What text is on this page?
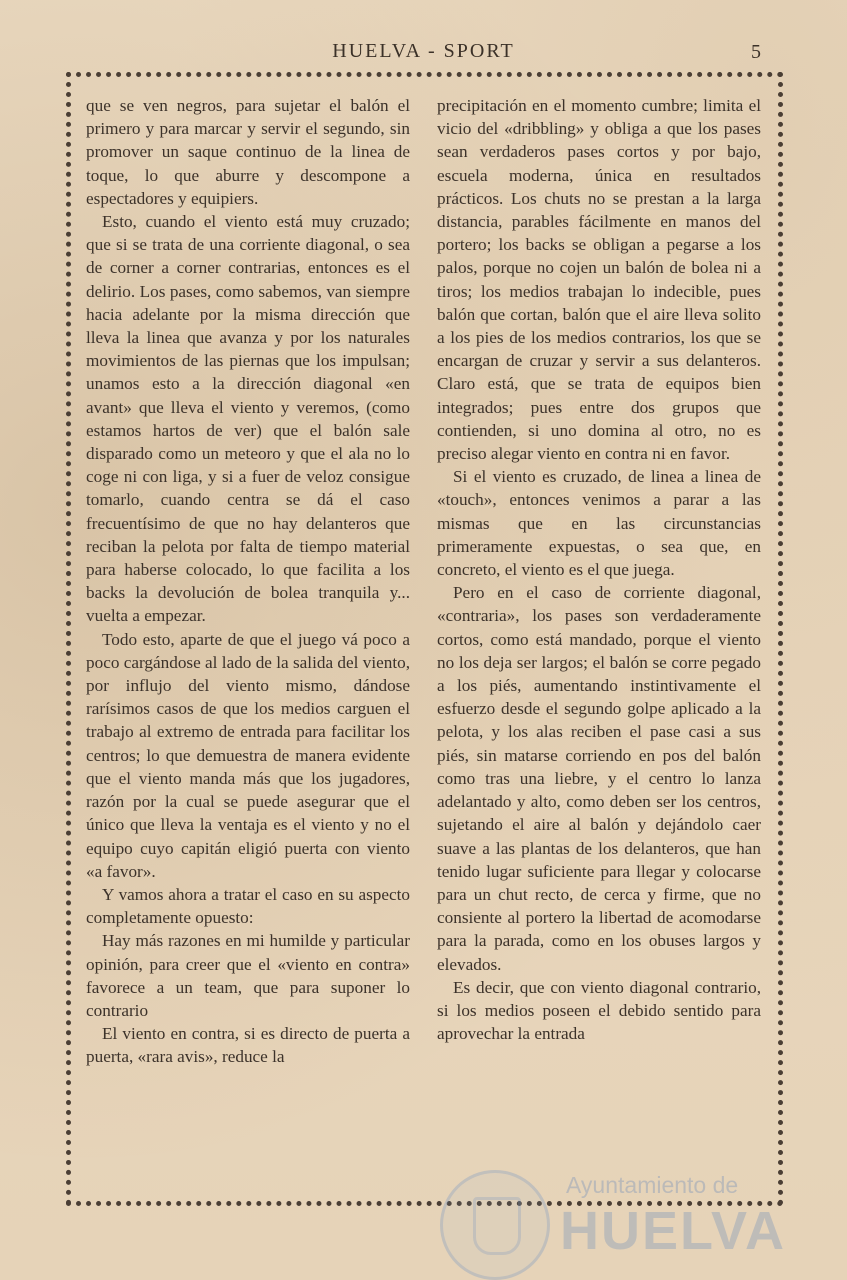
HUELVA - SPORT	5

que se ven negros, para sujetar el balón el primero y para marcar y servir el segundo, sin promover un saque continuo de la linea de toque, lo que aburre y descompone a espectadores y equipiers.

Esto, cuando el viento está muy cruzado; que si se trata de una corriente diagonal, o sea de corner a corner contrarias, entonces es el delirio. Los pases, como sabemos, van siempre hacia adelante por la misma dirección que lleva la linea que avanza y por los naturales movimientos de las piernas que los impulsan; unamos esto a la dirección diagonal «en avant» que lleva el viento y veremos, (como estamos hartos de ver) que el balón sale disparado como un meteoro y que el ala no lo coge ni con liga, y si a fuer de veloz consigue tomarlo, cuando centra se dá el caso frecuentísimo de que no hay delanteros que reciban la pelota por falta de tiempo material para haberse colocado, lo que facilita a los backs la devolución de bolea tranquila y... vuelta a empezar.

Todo esto, aparte de que el juego vá poco a poco cargándose al lado de la salida del viento, por influjo del viento mismo, dándose rarísimos casos de que los medios carguen el trabajo al extremo de entrada para facilitar los centros; lo que demuestra de manera evidente que el viento manda más que los jugadores, razón por la cual se puede asegurar que el único que lleva la ventaja es el viento y no el equipo cuyo capitán eligió puerta con viento «a favor».

Y vamos ahora a tratar el caso en su aspecto completamente opuesto:

Hay más razones en mi humilde y particular opinión, para creer que el «viento en contra» favorece a un team, que para suponer lo contrario

El viento en contra, si es directo de puerta a puerta, «rara avis», reduce la

precipitación en el momento cumbre; limita el vicio del «dribbling» y obliga a que los pases sean verdaderos pases cortos y por bajo, escuela moderna, única en resultados prácticos. Los chuts no se prestan a la larga distancia, parables fácilmente en manos del portero; los backs se obligan a pegarse a los palos, porque no cojen un balón de bolea ni a tiros; los medios trabajan lo indecible, pues balón que cortan, balón que el aire lleva solito a los pies de los medios contrarios, los que se encargan de cruzar y servir a sus delanteros. Claro está, que se trata de equipos bien integrados; pues entre dos grupos que contienden, si uno domina al otro, no es preciso alegar viento en contra ni en favor.

Si el viento es cruzado, de linea a linea de «touch», entonces venimos a parar a las mismas que en las circunstancias primeramente expuestas, o sea que, en concreto, el viento es el que juega.

Pero en el caso de corriente diagonal, «contraria», los pases son verdaderamente cortos, como está mandado, porque el viento no los deja ser largos; el balón se corre pegado a los piés, aumentando instintivamente el esfuerzo desde el segundo golpe aplicado a la pelota, y los alas reciben el pase casi a sus piés, sin matarse corriendo en pos del balón como tras una liebre, y el centro lo lanza adelantado y alto, como deben ser los centros, sujetando el aire al balón y dejándolo caer suave a las plantas de los delanteros, que han tenido lugar suficiente para llegar y colocarse para un chut recto, de cerca y firme, que no consiente al portero la libertad de acomodarse para la parada, como en los obuses largos y elevados.

Es decir, que con viento diagonal contrario, si los medios poseen el debido sentido para aprovechar la entrada

Ayuntamiento de
HUELVA
